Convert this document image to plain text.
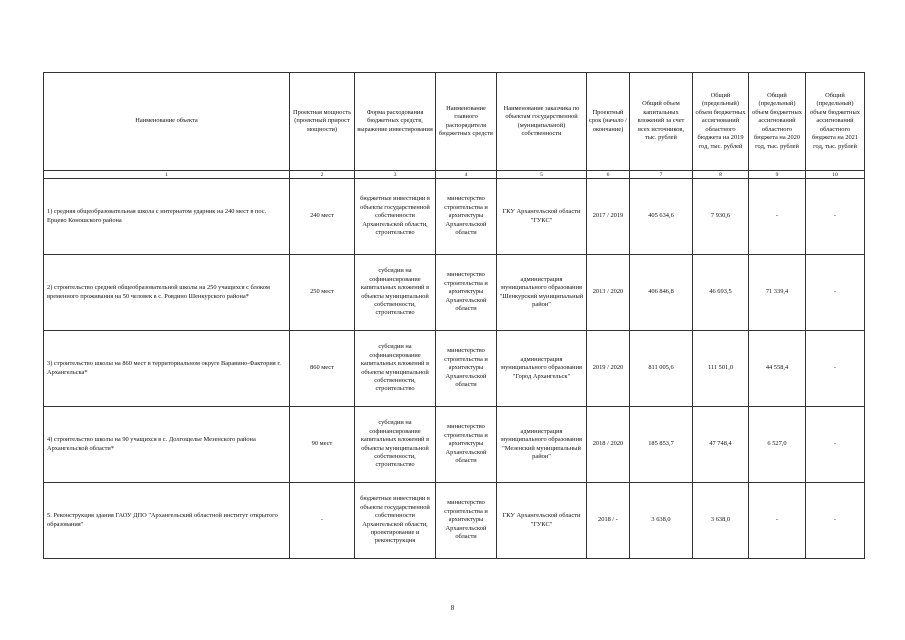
Наименование объекта	Проектная мощность (проектный прирост мощности)	Форма расходования бюджетных средств, выражение инвестирования	Наименование главного распорядителя бюджетных средств	Наименование заказчика по объектам государственной (муниципальной) собственности	Проектный срок (начало / окончание)	Общий объем капитальных вложений за счет всех источников, тыс. рублей	Общий (предельный) объем бюджетных ассигнований областного бюджета на 2019 год, тыс. рублей	Общий (предельный) объем бюджетных ассигнований областного бюджета на 2020 год, тыс. рублей	Общий (предельный) объем бюджетных ассигнований областного бюджета на 2021 год, тыс. рублей
1	2	3	4	5	6	7	8	9	10
1) средняя общеобразовательная школа с интернатом ударник на 240 мест в пос. Ерцево Коношского района	240 мест	бюджетные инвестиции в объекты государственной собственности Архангельской области, строительство	министерство строительства и архитектуры Архангельской области	ГКУ Архангельской области "ГУКС"	2017 / 2019	405 634,6	7 930,6	-	-
2) строительство средней общеобразовательной школы на 250 учащихся с блоком временного проживания на 50 человек в с. Ровдино Шенкурского района*	250 мест	субсидии на софинансирование капитальных вложений в объекты муниципальной собственности, строительство	министерство строительства и архитектуры Архангельской области	администрация муниципального образования "Шенкурский муниципальный район"	2013 / 2020	406 846,8	46 693,5	71 339,4	-
3) строительство школы на 860 мест в территориальном округе Варавино-Фактория г. Архангельска*	860 мест	субсидии на софинансирование капитальных вложений в объекты муниципальной собственности, строительство	министерство строительства и архитектуры Архангельской области	администрация муниципального образования "Город Архангельск"	2019 / 2020	811 005,6	111 501,0	44 558,4	-
4) строительство школы на 90 учащихся в с. Долгощелье Мезенского района Архангельской области*	90 мест	субсидии на софинансирование капитальных вложений в объекты муниципальной собственности, строительство	министерство строительства и архитектуры Архангельской области	администрация муниципального образования "Мезенский муниципальный район"	2018 / 2020	185 853,7	47 748,4	6 527,0	-
5. Реконструкция здания ГАОУ ДПО "Архангельский областной институт открытого образования"	-	бюджетные инвестиции в объекты государственной собственности Архангельской области, проектирование и реконструкция	министерство строительства и архитектуры Архангельской области	ГКУ Архангельской области "ГУКС"	2018 / -	3 638,0	3 638,0	-	-
8
